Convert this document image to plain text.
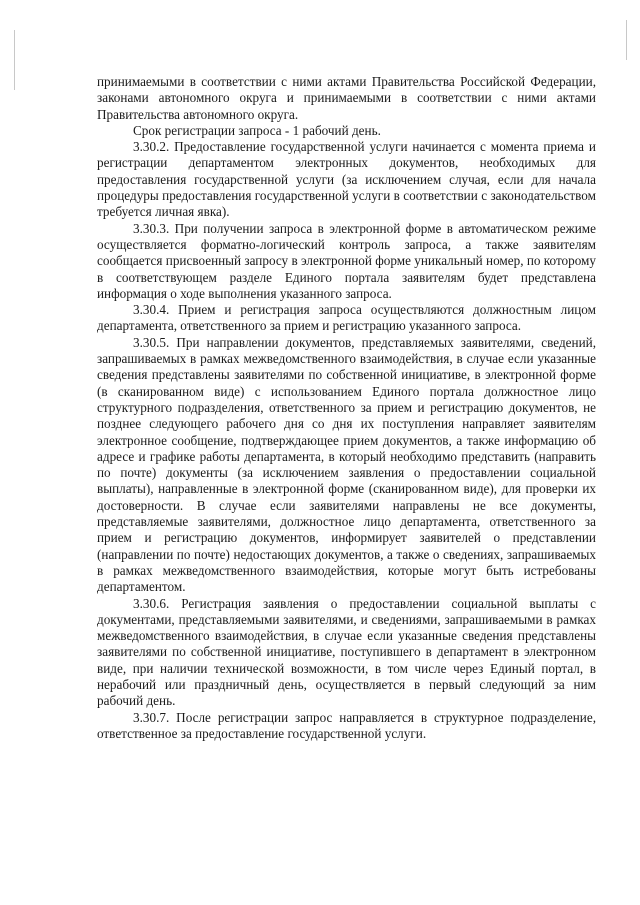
принимаемыми в соответствии с ними актами Правительства Российской Федерации, законами автономного округа и принимаемыми в соответствии с ними актами Правительства автономного округа.

Срок регистрации запроса - 1 рабочий день.

3.30.2. Предоставление государственной услуги начинается с момента приема и регистрации департаментом электронных документов, необходимых для предоставления государственной услуги (за исключением случая, если для начала процедуры предоставления государственной услуги в соответствии с законодательством требуется личная явка).

3.30.3. При получении запроса в электронной форме в автоматическом режиме осуществляется форматно-логический контроль запроса, а также заявителям сообщается присвоенный запросу в электронной форме уникальный номер, по которому в соответствующем разделе Единого портала заявителям будет представлена информация о ходе выполнения указанного запроса.

3.30.4. Прием и регистрация запроса осуществляются должностным лицом департамента, ответственного за прием и регистрацию указанного запроса.

3.30.5. При направлении документов, представляемых заявителями, сведений, запрашиваемых в рамках межведомственного взаимодействия, в случае если указанные сведения представлены заявителями по собственной инициативе, в электронной форме (в сканированном виде) с использованием Единого портала должностное лицо структурного подразделения, ответственного за прием и регистрацию документов, не позднее следующего рабочего дня со дня их поступления направляет заявителям электронное сообщение, подтверждающее прием документов, а также информацию об адресе и графике работы департамента, в который необходимо представить (направить по почте) документы (за исключением заявления о предоставлении социальной выплаты), направленные в электронной форме (сканированном виде), для проверки их достоверности. В случае если заявителями направлены не все документы, представляемые заявителями, должностное лицо департамента, ответственного за прием и регистрацию документов, информирует заявителей о представлении (направлении по почте) недостающих документов, а также о сведениях, запрашиваемых в рамках межведомственного взаимодействия, которые могут быть истребованы департаментом.

3.30.6. Регистрация заявления о предоставлении социальной выплаты с документами, представляемыми заявителями, и сведениями, запрашиваемыми в рамках межведомственного взаимодействия, в случае если указанные сведения представлены заявителями по собственной инициативе, поступившего в департамент в электронном виде, при наличии технической возможности, в том числе через Единый портал, в нерабочий или праздничный день, осуществляется в первый следующий за ним рабочий день.

3.30.7. После регистрации запрос направляется в структурное подразделение, ответственное за предоставление государственной услуги.
